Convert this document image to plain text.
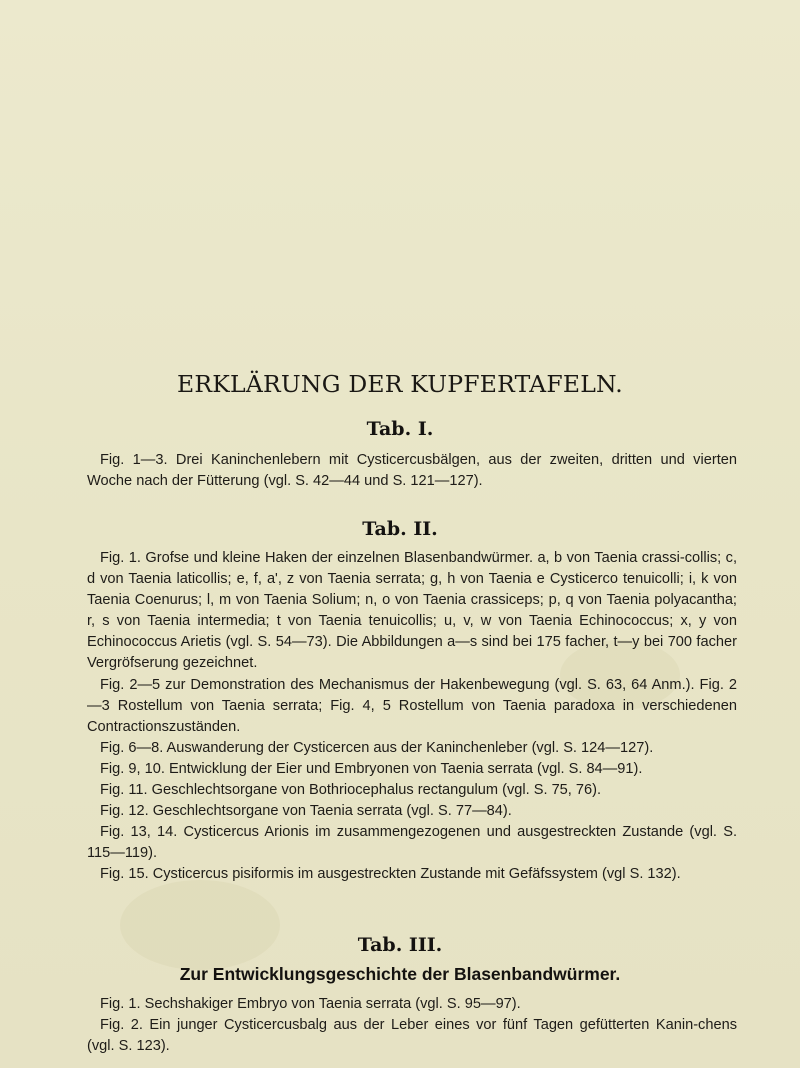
ERKLÄRUNG DER KUPFERTAFELN.
Tab. I.

Fig. 1—3. Drei Kaninchenlebern mit Cysticercusbälgen, aus der zweiten, dritten und vierten Woche nach der Fütterung (vgl. S. 42—44 und S. 121—127).

Tab. II.

Fig. 1. Grofse und kleine Haken der einzelnen Blasenbandwürmer. a, b von Taenia crassi-collis; c, d von Taenia laticollis; e, f, a', z von Taenia serrata; g, h von Taenia e Cysticerco tenuicolli; i, k von Taenia Coenurus; l, m von Taenia Solium; n, o von Taenia crassiceps; p, q von Taenia polyacantha; r, s von Taenia intermedia; t von Taenia tenuicollis; u, v, w von Taenia Echinococcus; x, y von Echinococcus Arietis (vgl. S. 54—73). Die Abbildungen a—s sind bei 175 facher, t—y bei 700 facher Vergröfserung gezeichnet.

Fig. 2—5 zur Demonstration des Mechanismus der Hakenbewegung (vgl. S. 63, 64 Anm.). Fig. 2—3 Rostellum von Taenia serrata; Fig. 4, 5 Rostellum von Taenia paradoxa in verschiedenen Contractionszuständen.

Fig. 6—8. Auswanderung der Cysticercen aus der Kaninchenleber (vgl. S. 124—127).

Fig. 9, 10. Entwicklung der Eier und Embryonen von Taenia serrata (vgl. S. 84—91).

Fig. 11. Geschlechtsorgane von Bothriocephalus rectangulum (vgl. S. 75, 76).

Fig. 12. Geschlechtsorgane von Taenia serrata (vgl. S. 77—84).

Fig. 13, 14. Cysticercus Arionis im zusammengezogenen und ausgestreckten Zustande (vgl. S. 115—119).

Fig. 15. Cysticercus pisiformis im ausgestreckten Zustande mit Gefäfssystem (vgl S. 132).

Tab. III.
Zur Entwicklungsgeschichte der Blasenbandwürmer.

Fig. 1. Sechshakiger Embryo von Taenia serrata (vgl. S. 95—97).

Fig. 2. Ein junger Cysticercusbalg aus der Leber eines vor fünf Tagen gefütterten Kanin-chens (vgl. S. 123).
